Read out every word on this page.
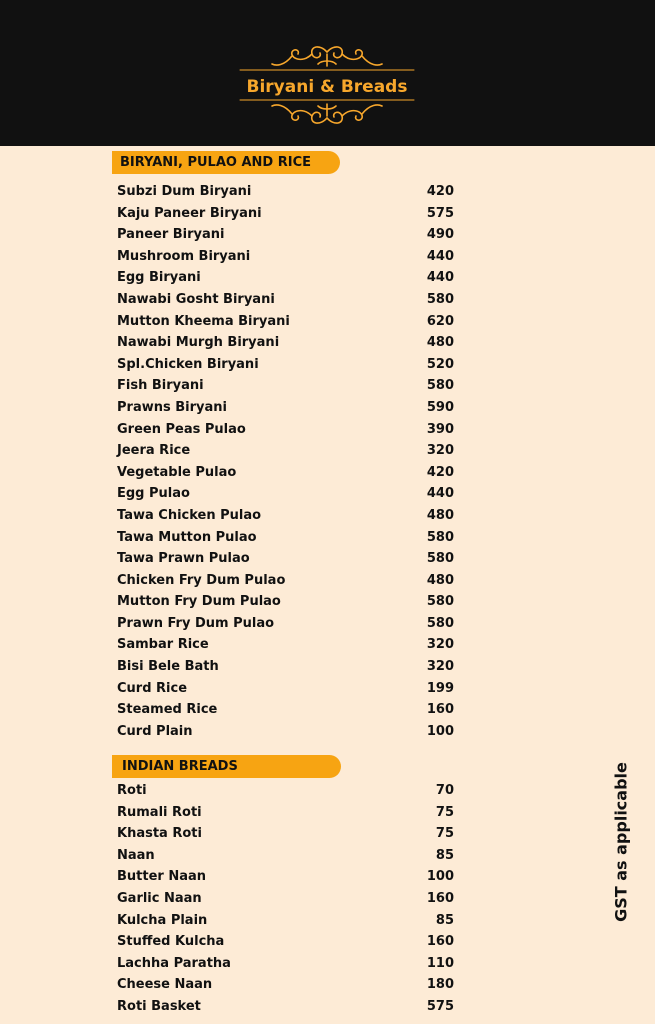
Biryani & Breads
BIRYANI, PULAO AND RICE
Subzi Dum Biryani	420
Kaju Paneer Biryani	575
Paneer Biryani	490
Mushroom Biryani	440
Egg Biryani	440
Nawabi Gosht Biryani	580
Mutton Kheema Biryani	620
Nawabi Murgh Biryani	480
Spl.Chicken Biryani	520
Fish Biryani	580
Prawns Biryani	590
Green Peas Pulao	390
Jeera Rice	320
Vegetable Pulao	420
Egg Pulao	440
Tawa Chicken Pulao	480
Tawa Mutton Pulao	580
Tawa Prawn Pulao	580
Chicken Fry Dum Pulao	480
Mutton Fry Dum Pulao	580
Prawn Fry Dum Pulao	580
Sambar Rice	320
Bisi Bele Bath	320
Curd Rice	199
Steamed Rice	160
Curd Plain	100
INDIAN BREADS
Roti	70
Rumali Roti	75
Khasta Roti	75
Naan	85
Butter Naan	100
Garlic Naan	160
Kulcha Plain	85
Stuffed Kulcha	160
Lachha Paratha	110
Cheese Naan	180
Roti Basket	575
GST as applicable
